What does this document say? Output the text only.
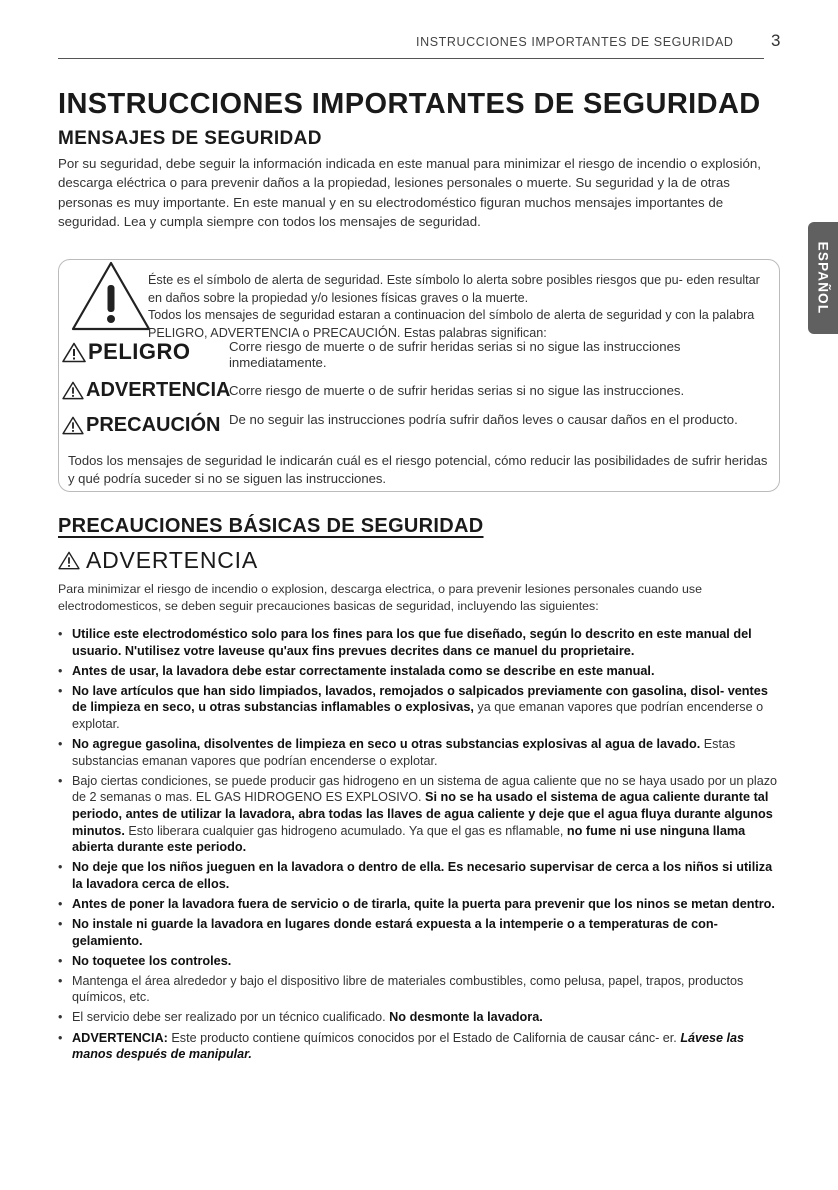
INSTRUCCIONES IMPORTANTES DE SEGURIDAD 3
ESPAÑOL
INSTRUCCIONES IMPORTANTES DE SEGURIDAD
MENSAJES DE SEGURIDAD

Por su seguridad, debe seguir la información indicada en este manual para minimizar el riesgo de incendio o explosión, descarga eléctrica o para prevenir daños a la propiedad, lesiones personales o muerte. Su seguridad y la de otras personas es muy importante. En este manual y en su electrodoméstico figuran muchos mensajes importantes de seguridad. Lea y cumpla siempre con todos los mensajes de seguridad.

Éste es el símbolo de alerta de seguridad. Este símbolo lo alerta sobre posibles riesgos que pu- eden resultar en daños sobre la propiedad y/o lesiones físicas graves o la muerte.

Todos los mensajes de seguridad estaran a continuacion del símbolo de alerta de seguridad y con la palabra PELIGRO, ADVERTENCIA o PRECAUCIÓN. Estas palabras significan:

PELIGRO	Corre riesgo de muerte o de sufrir heridas serias si no sigue las instrucciones inmediatamente.

ADVERTENCIA

Corre riesgo de muerte o de sufrir heridas serias si no sigue las instrucciones.

PRECAUCIÓN De no seguir las instrucciones podría sufrir daños leves o causar daños en el producto.

Todos los mensajes de seguridad le indicarán cuál es el riesgo potencial, cómo reducir las posibilidades de sufrir heridas y qué podría suceder si no se siguen las instrucciones.

PRECAUCIONES BÁSICAS DE SEGURIDAD
ADVERTENCIA

Para minimizar el riesgo de incendio o explosion, descarga electrica, o para prevenir lesiones personales cuando use electrodomesticos, se deben seguir precauciones basicas de seguridad, incluyendo las siguientes:

• Utilice este electrodoméstico solo para los fines para los que fue diseñado, según lo descrito en este manual del usuario. N'utilisez votre laveuse qu'aux fins prevues decrites dans ce manuel du proprietaire.
• Antes de usar, la lavadora debe estar correctamente instalada como se describe en este manual.
• No lave artículos que han sido limpiados, lavados, remojados o salpicados previamente con gasolina, disol- ventes de limpieza en seco, u otras substancias inflamables o explosivas, ya que emanan vapores que podrían encenderse o explotar.
• No agregue gasolina, disolventes de limpieza en seco u otras substancias explosivas al agua de lavado. Estas substancias emanan vapores que podrían encenderse o explotar.
• Bajo ciertas condiciones, se puede producir gas hidrogeno en un sistema de agua caliente que no se haya usado por un plazo de 2 semanas o mas. EL GAS HIDROGENO ES EXPLOSIVO. Si no se ha usado el sistema de agua caliente durante tal periodo, antes de utilizar la lavadora, abra todas las llaves de agua caliente y deje que el agua fluya durante algunos minutos. Esto liberara cualquier gas hidrogeno acumulado. Ya que el gas es nflamable, no fume ni use ninguna llama abierta durante este periodo.
• No deje que los niños jueguen en la lavadora o dentro de ella. Es necesario supervisar de cerca a los niños si utiliza la lavadora cerca de ellos.
• Antes de poner la lavadora fuera de servicio o de tirarla, quite la puerta para prevenir que los ninos se metan dentro.
• No instale ni guarde la lavadora en lugares donde estará expuesta a la intemperie o a temperaturas de con- gelamiento.
• No toquetee los controles.
• Mantenga el área alrededor y bajo el dispositivo libre de materiales combustibles, como pelusa, papel, trapos, productos químicos, etc.
• El servicio debe ser realizado por un técnico cualificado. No desmonte la lavadora.
• ADVERTENCIA: Este producto contiene químicos conocidos por el Estado de California de causar cánc- er. Lávese las manos después de manipular.
